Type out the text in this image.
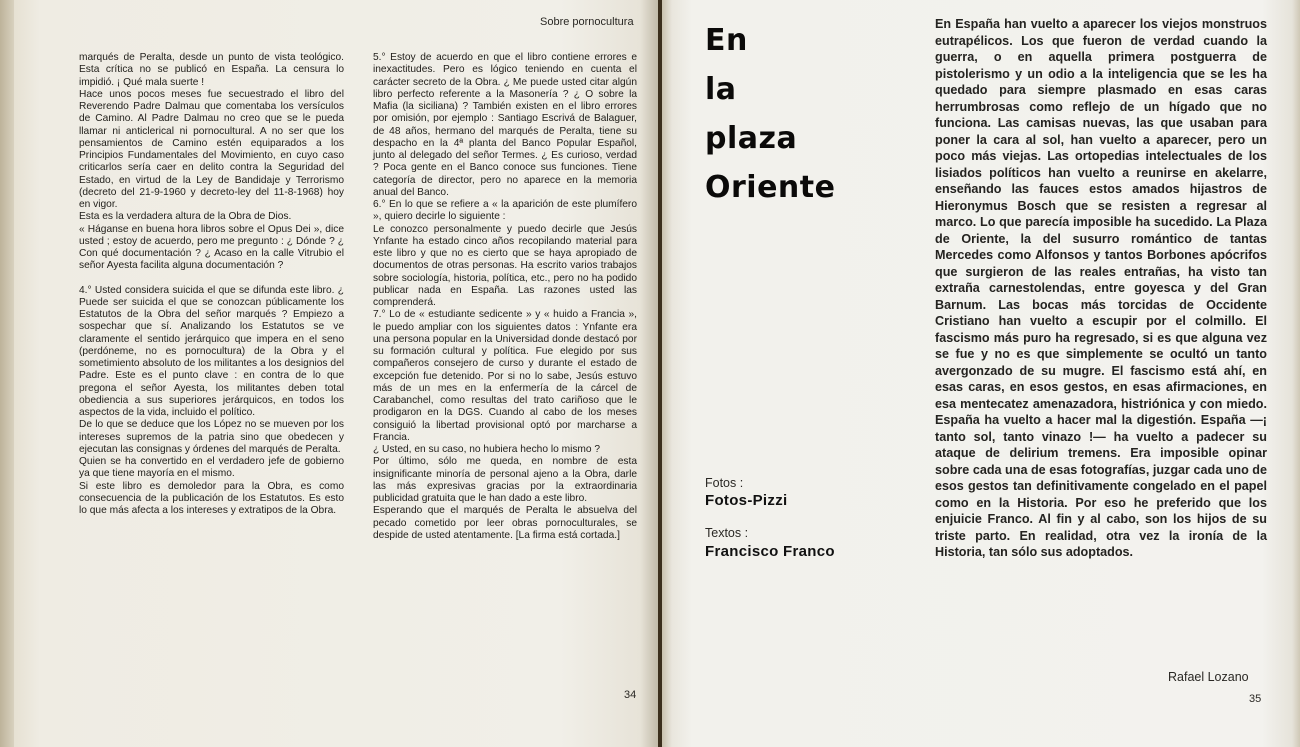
Sobre pornocultura

marqués de Peralta, desde un punto de vista teológico. Esta crítica no se publicó en España. La censura lo impidió. ¡ Qué mala suerte !

Hace unos pocos meses fue secuestrado el libro del Reverendo Padre Dalmau que comentaba los versículos de Camino. Al Padre Dalmau no creo que se le pueda llamar ni anticlerical ni pornocultural. A no ser que los pensamientos de Camino estén equiparados a los Principios Fundamentales del Movimiento, en cuyo caso criticarlos sería caer en delito contra la Seguridad del Estado, en virtud de la Ley de Bandidaje y Terrorismo (decreto del 21-9-1960 y decreto-ley del 11-8-1968) hoy en vigor.

Esta es la verdadera altura de la Obra de Dios.

« Háganse en buena hora libros sobre el Opus Dei », dice usted ; estoy de acuerdo, pero me pregunto : ¿ Dónde ? ¿ Con qué documentación ? ¿ Acaso en la calle Vitrubio el señor Ayesta facilita alguna documentación ?

4.° Usted considera suicida el que se difunda este libro. ¿ Puede ser suicida el que se conozcan públicamente los Estatutos de la Obra del señor marqués ? Empiezo a sospechar que sí. Analizando los Estatutos se ve claramente el sentido jerárquico que impera en el seno (perdóneme, no es pornocultura) de la Obra y el sometimiento absoluto de los militantes a los designios del Padre. Este es el punto clave : en contra de lo que pregona el señor Ayesta, los militantes deben total obediencia a sus superiores jerárquicos, en todos los aspectos de la vida, incluido el político.

De lo que se deduce que los López no se mueven por los intereses supremos de la patria sino que obedecen y ejecutan las consignas y órdenes del marqués de Peralta.

Quien se ha convertido en el verdadero jefe de gobierno ya que tiene mayoría en el mismo.

Si este libro es demoledor para la Obra, es como consecuencia de la publicación de los Estatutos. Es esto lo que más afecta a los intereses y extratipos de la Obra.

5.° Estoy de acuerdo en que el libro contiene errores e inexactitudes. Pero es lógico teniendo en cuenta el carácter secreto de la Obra. ¿ Me puede usted citar algún libro perfecto referente a la Masonería ? ¿ O sobre la Mafia (la siciliana) ? También existen en el libro errores por omisión, por ejemplo : Santiago Escrivá de Balaguer, de 48 años, hermano del marqués de Peralta, tiene su despacho en la 4ª planta del Banco Popular Español, junto al delegado del señor Termes. ¿ Es curioso, verdad ? Poca gente en el Banco conoce sus funciones. Tiene categoría de director, pero no aparece en la memoria anual del Banco.

6.° En lo que se refiere a « la aparición de este plumífero », quiero decirle lo siguiente :

Le conozco personalmente y puedo decirle que Jesús Ynfante ha estado cinco años recopilando material para este libro y que no es cierto que se haya apropiado de documentos de otras personas. Ha escrito varios trabajos sobre sociología, historia, política, etc., pero no ha podido publicar nada en España. Las razones usted las comprenderá.

7.° Lo de « estudiante sedicente » y « huido a Francia », le puedo ampliar con los siguientes datos : Ynfante era una persona popular en la Universidad donde destacó por su formación cultural y política. Fue elegido por sus compañeros consejero de curso y durante el estado de excepción fue detenido. Por si no lo sabe, Jesús estuvo más de un mes en la enfermería de la cárcel de Carabanchel, como resultas del trato cariñoso que le prodigaron en la DGS. Cuando al cabo de los meses consiguió la libertad provisional optó por marcharse a Francia.

¿ Usted, en su caso, no hubiera hecho lo mismo ?

Por último, sólo me queda, en nombre de esta insignificante minoría de personal ajeno a la Obra, darle las más expresivas gracias por la extraordinaria publicidad gratuita que le han dado a este libro.

Esperando que el marqués de Peralta le absuelva del pecado cometido por leer obras pornoculturales, se despide de usted atentamente. [La firma está cortada.]

34
En
la
plaza
Oriente
Fotos :
Fotos-Pizzi
Textos :
Francisco Franco

En España han vuelto a aparecer los viejos monstruos eutrapélicos. Los que fueron de verdad cuando la guerra, o en aquella primera postguerra de pistolerismo y un odio a la inteligencia que se les ha quedado para siempre plasmado en esas caras herrumbrosas como reflejo de un hígado que no funciona. Las camisas nuevas, las que usaban para poner la cara al sol, han vuelto a aparecer, pero un poco más viejas. Las ortopedias intelectuales de los lisiados políticos han vuelto a reunirse en akelarre, enseñando las fauces estos amados hijastros de Hieronymus Bosch que se resisten a regresar al marco. Lo que parecía imposible ha sucedido. La Plaza de Oriente, la del susurro romántico de tantas Mercedes como Alfonsos y tantos Borbones apócrifos que surgieron de las reales entrañas, ha visto tan extraña carnestolendas, entre goyesca y del Gran Barnum. Las bocas más torcidas de Occidente Cristiano han vuelto a escupir por el colmillo. El fascismo más puro ha regresado, si es que alguna vez se fue y no es que simplemente se ocultó un tanto avergonzado de su mugre. El fascismo está ahí, en esas caras, en esos gestos, en esas afirmaciones, en esa mentecatez amenazadora, histriónica y con miedo. España ha vuelto a hacer mal la digestión. España —¡ tanto sol, tanto vinazo !— ha vuelto a padecer su ataque de delirium tremens. Era imposible opinar sobre cada una de esas fotografías, juzgar cada uno de esos gestos tan definitivamente congelado en el papel como en la Historia. Por eso he preferido que los enjuicie Franco. Al fin y al cabo, son los hijos de su triste parto. En realidad, otra vez la ironía de la Historia, tan sólo sus adoptados.

Rafael Lozano
35
